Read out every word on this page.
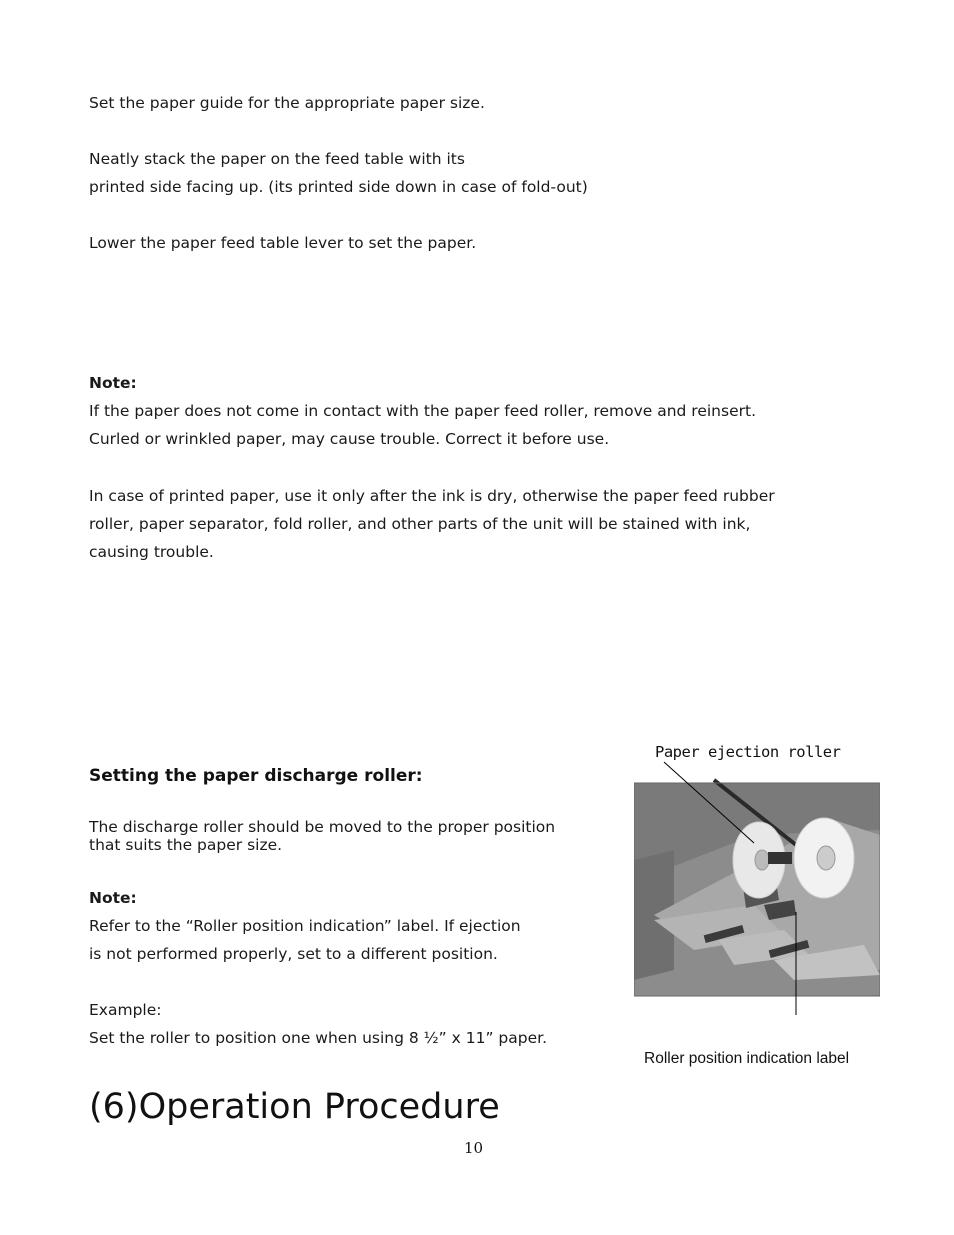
Set the paper guide for the appropriate paper size.
Neatly stack the paper on the feed table with its
printed side facing up. (its printed side down in case of fold-out)
Lower the paper feed table lever to set the paper.
Note:
If the paper does not come in contact with the paper feed roller, remove and reinsert.
Curled or wrinkled paper, may cause trouble. Correct it before use.
In case of printed paper, use it only after the ink is dry, otherwise the paper feed rubber
roller, paper separator, fold roller, and other parts of the unit will be stained with ink,
causing trouble.
Setting the paper discharge roller:
The discharge roller should be moved to the proper position
that suits the paper size.
Note:
Refer to the “Roller position indication” label. If ejection
is not performed properly, set to a different position.
Example:
Set the roller to position one when using 8 ½” x 11” paper.
Paper ejection roller
Roller position indication label
(6)Operation Procedure
10
